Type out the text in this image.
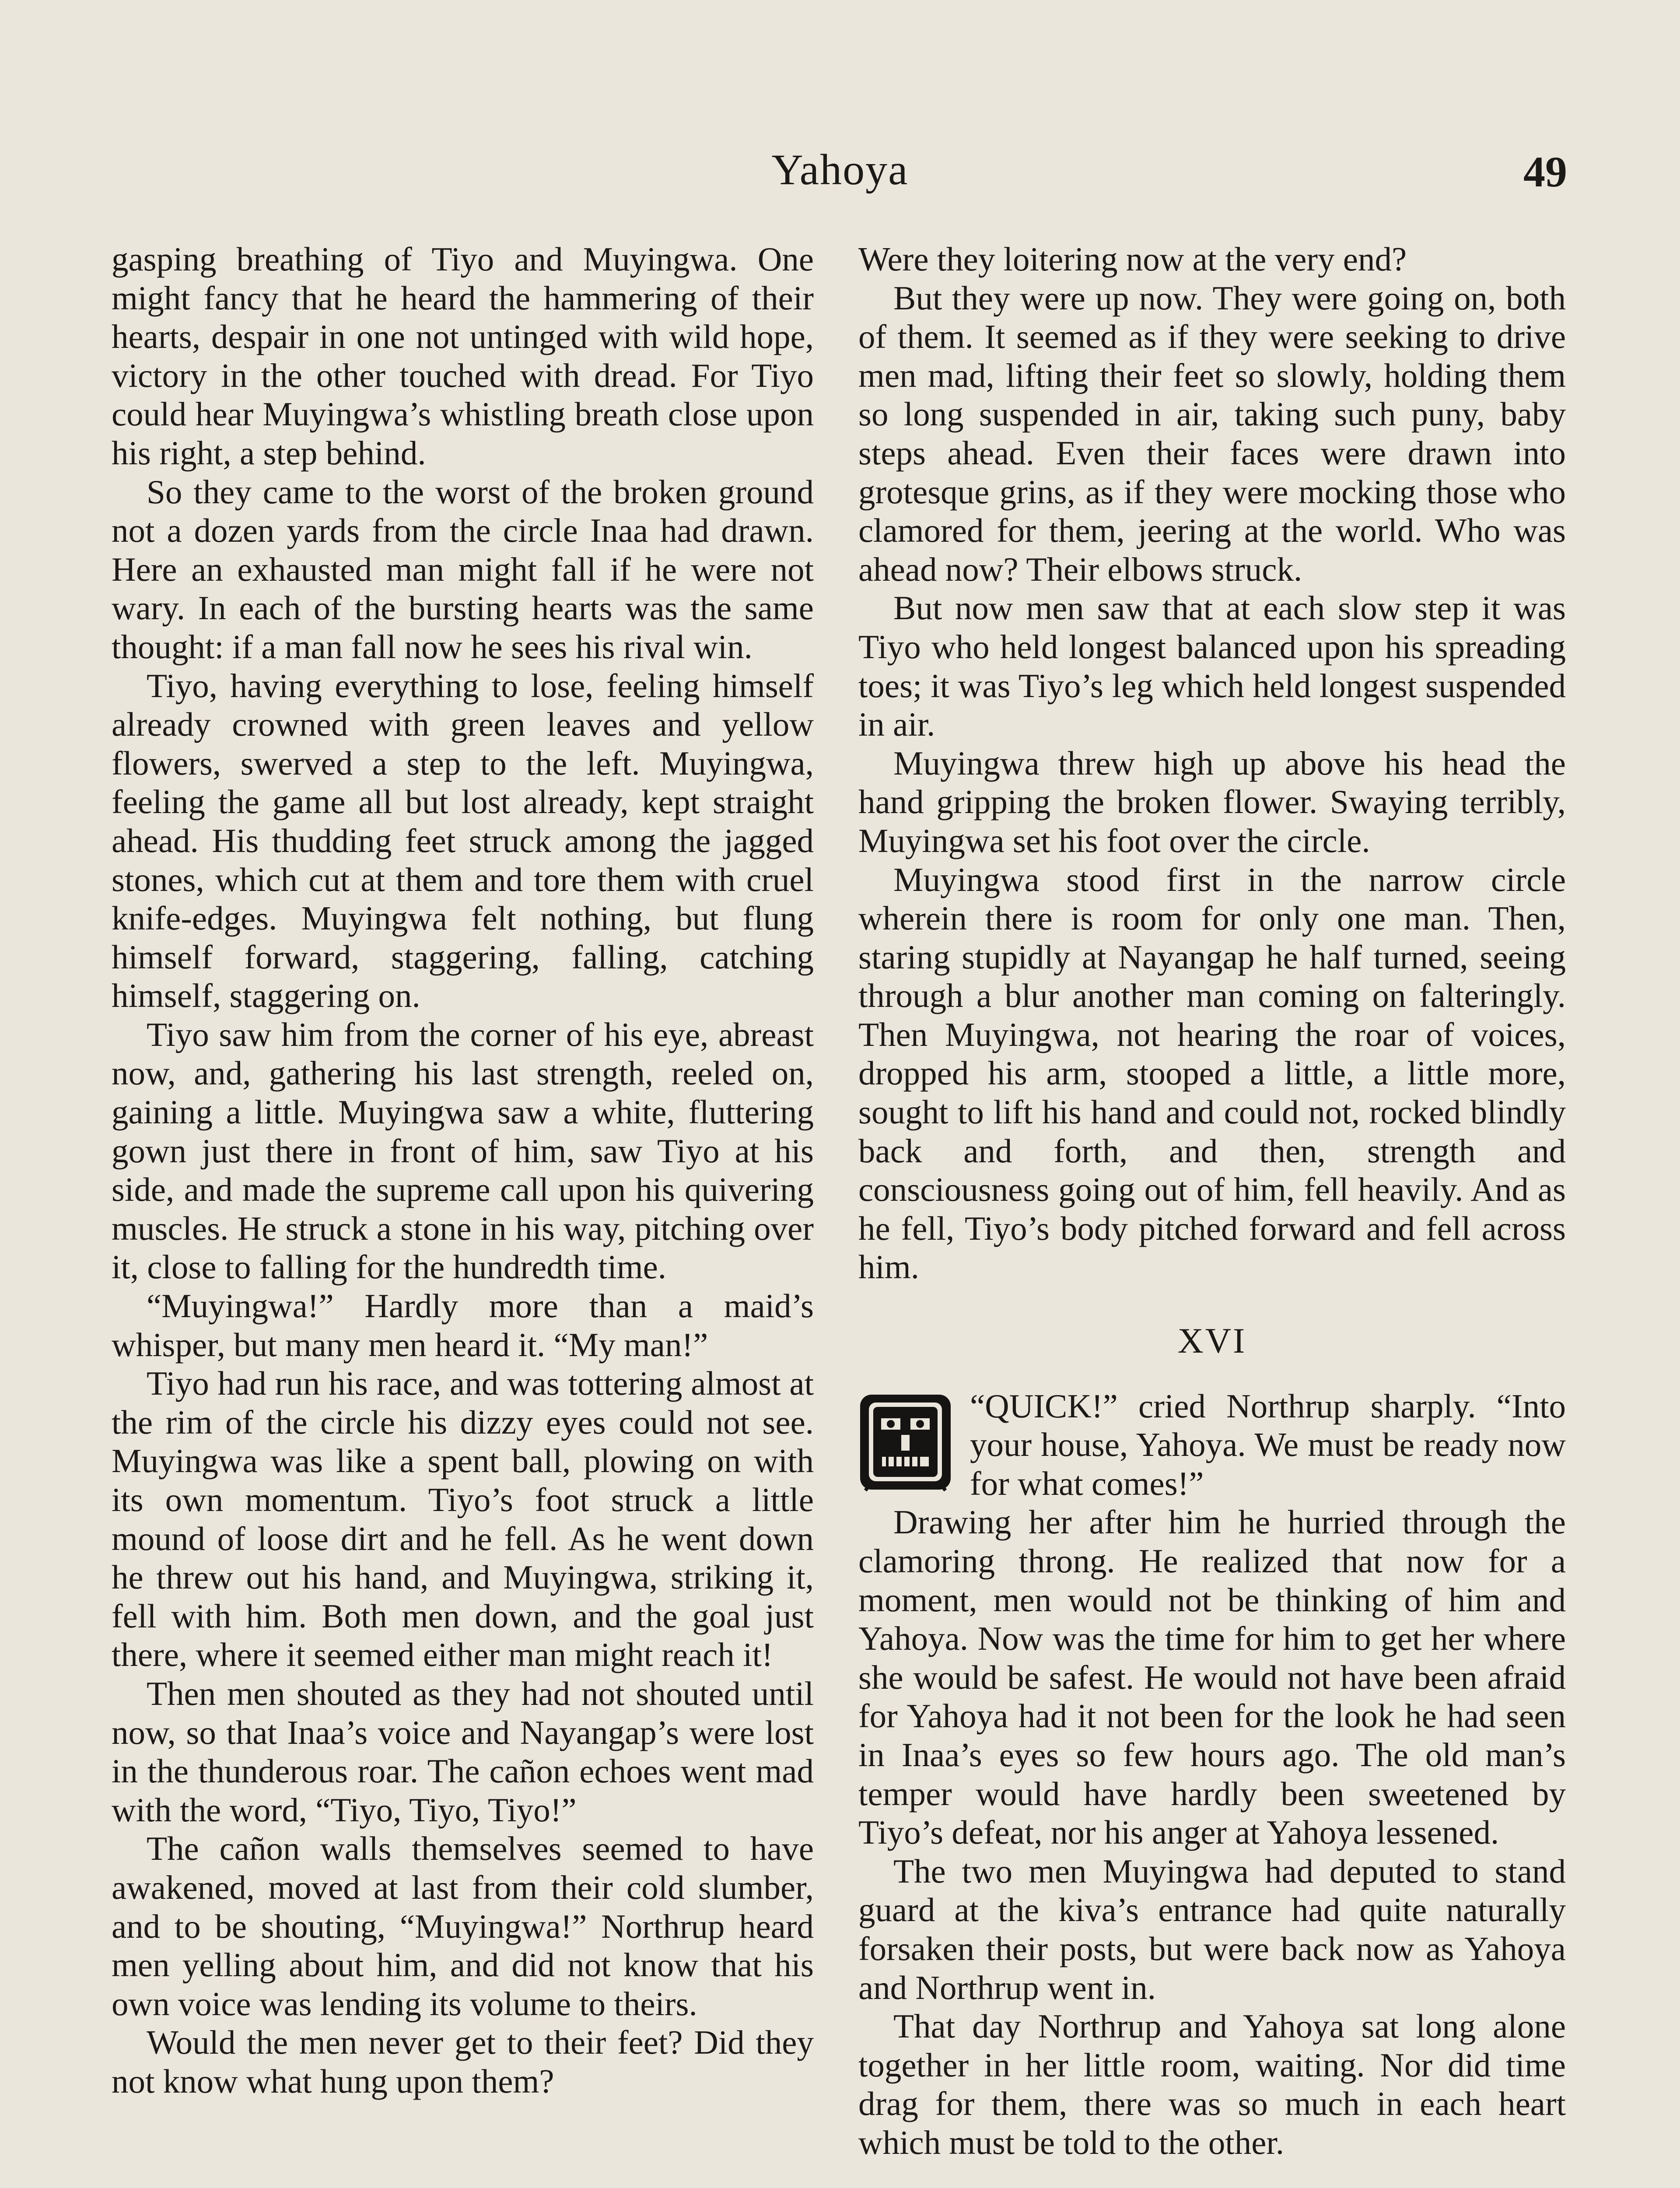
Yahoya	49

gasping breathing of Tiyo and Muyingwa. One might fancy that he heard the hammering of their hearts, despair in one not untinged with wild hope, victory in the other touched with dread. For Tiyo could hear Muyingwa’s whistling breath close upon his right, a step behind.

So they came to the worst of the broken ground not a dozen yards from the circle Inaa had drawn. Here an exhausted man might fall if he were not wary. In each of the bursting hearts was the same thought: if a man fall now he sees his rival win.

Tiyo, having everything to lose, feeling himself already crowned with green leaves and yellow flowers, swerved a step to the left. Muyingwa, feeling the game all but lost already, kept straight ahead. His thudding feet struck among the jagged stones, which cut at them and tore them with cruel knife-edges. Muyingwa felt nothing, but flung himself forward, staggering, falling, catching himself, staggering on.

Tiyo saw him from the corner of his eye, abreast now, and, gathering his last strength, reeled on, gaining a little. Muyingwa saw a white, fluttering gown just there in front of him, saw Tiyo at his side, and made the supreme call upon his quivering muscles. He struck a stone in his way, pitching over it, close to falling for the hundredth time.

“Muyingwa!” Hardly more than a maid’s whisper, but many men heard it. “My man!”

Tiyo had run his race, and was tottering almost at the rim of the circle his dizzy eyes could not see. Muyingwa was like a spent ball, plowing on with its own momentum. Tiyo’s foot struck a little mound of loose dirt and he fell. As he went down he threw out his hand, and Muyingwa, striking it, fell with him. Both men down, and the goal just there, where it seemed either man might reach it!

Then men shouted as they had not shouted until now, so that Inaa’s voice and Nayangap’s were lost in the thunderous roar. The cañon echoes went mad with the word, “Tiyo, Tiyo, Tiyo!”

The cañon walls themselves seemed to have awakened, moved at last from their cold slumber, and to be shouting, “Muyingwa!” Northrup heard men yelling about him, and did not know that his own voice was lending its volume to theirs.

Would the men never get to their feet? Did they not know what hung upon them?

Were they loitering now at the very end?

But they were up now. They were going on, both of them. It seemed as if they were seeking to drive men mad, lifting their feet so slowly, holding them so long suspended in air, taking such puny, baby steps ahead. Even their faces were drawn into grotesque grins, as if they were mocking those who clamored for them, jeering at the world. Who was ahead now? Their elbows struck.

But now men saw that at each slow step it was Tiyo who held longest balanced upon his spreading toes; it was Tiyo’s leg which held longest suspended in air.

Muyingwa threw high up above his head the hand gripping the broken flower. Swaying terribly, Muyingwa set his foot over the circle.

Muyingwa stood first in the narrow circle wherein there is room for only one man. Then, staring stupidly at Nayangap he half turned, seeing through a blur another man coming on falteringly. Then Muyingwa, not hearing the roar of voices, dropped his arm, stooped a little, a little more, sought to lift his hand and could not, rocked blindly back and forth, and then, strength and consciousness going out of him, fell heavily. And as he fell, Tiyo’s body pitched forward and fell across him.

XVI

“QUICK!” cried Northrup sharply. “Into your house, Yahoya. We must be ready now for what comes!”

Drawing her after him he hurried through the clamoring throng. He realized that now for a moment, men would not be thinking of him and Yahoya. Now was the time for him to get her where she would be safest. He would not have been afraid for Yahoya had it not been for the look he had seen in Inaa’s eyes so few hours ago. The old man’s temper would have hardly been sweetened by Tiyo’s defeat, nor his anger at Yahoya lessened.

The two men Muyingwa had deputed to stand guard at the kiva’s entrance had quite naturally forsaken their posts, but were back now as Yahoya and Northrup went in.

That day Northrup and Yahoya sat long alone together in her little room, waiting. Nor did time drag for them, there was so much in each heart which must be told to the other.
